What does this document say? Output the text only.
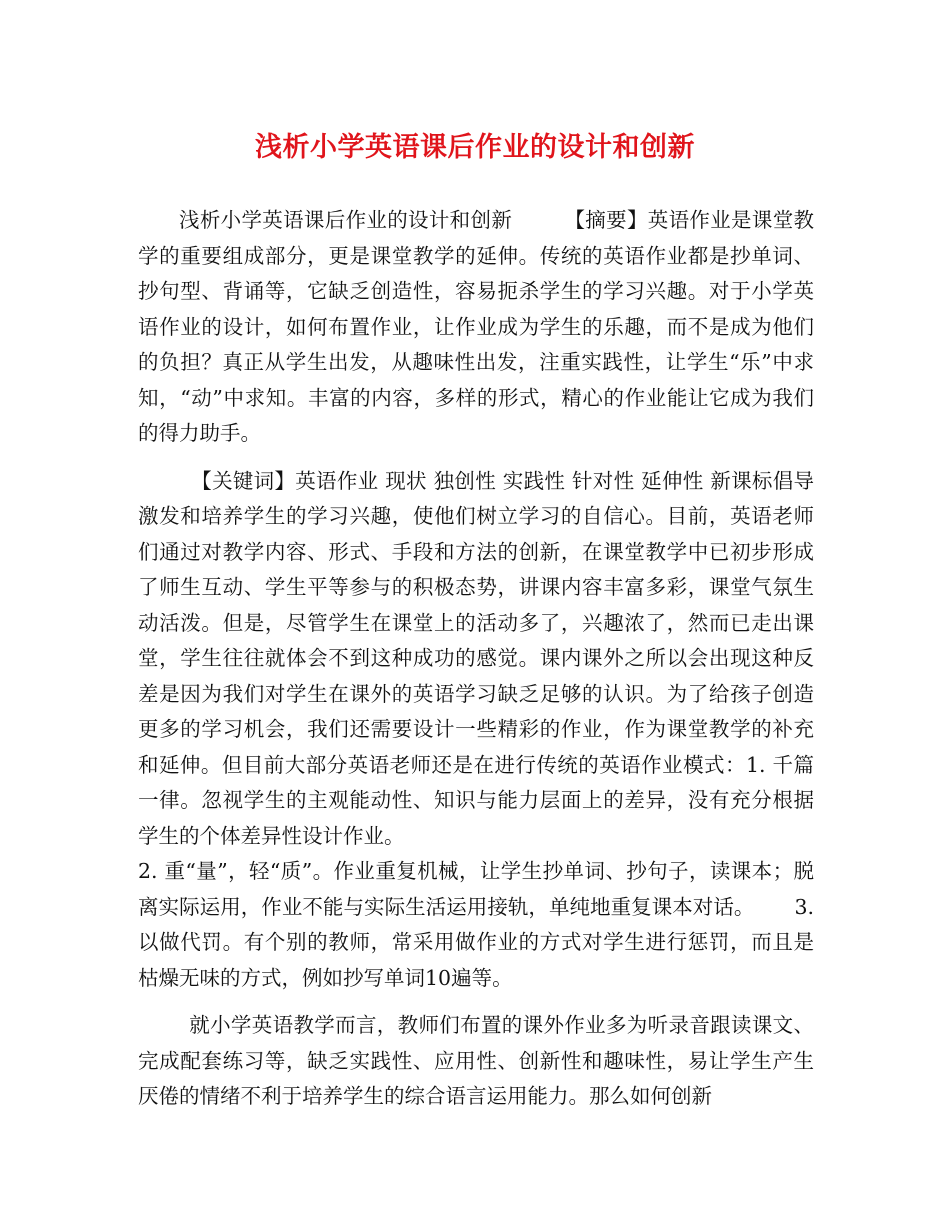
浅析小学英语课后作业的设计和创新

浅析小学英语课后作业的设计和创新	【摘要】英语作业是课堂教学的重要组成部分，更是课堂教学的延伸。传统的英语作业都是抄单词、抄句型、背诵等，它缺乏创造性，容易扼杀学生的学习兴趣。对于小学英语作业的设计，如何布置作业，让作业成为学生的乐趣，而不是成为他们的负担？真正从学生出发，从趣味性出发，注重实践性，让学生“乐”中求知，“动”中求知。丰富的内容，多样的形式，精心的作业能让它成为我们的得力助手。

【关键词】英语作业 现状 独创性 实践性 针对性 延伸性 新课标倡导激发和培养学生的学习兴趣，使他们树立学习的自信心。目前，英语老师们通过对教学内容、形式、手段和方法的创新，在课堂教学中已初步形成了师生互动、学生平等参与的积极态势，讲课内容丰富多彩，课堂气氛生动活泼。但是，尽管学生在课堂上的活动多了，兴趣浓了，然而已走出课堂，学生往往就体会不到这种成功的感觉。课内课外之所以会出现这种反差是因为我们对学生在课外的英语学习缺乏足够的认识。为了给孩子创造更多的学习机会，我们还需要设计一些精彩的作业，作为课堂教学的补充和延伸。但目前大部分英语老师还是在进行传统的英语作业模式：1. 千篇一律。忽视学生的主观能动性、知识与能力层面上的差异，没有充分根据学生的个体差异性设计作业。

2. 重“量”，轻“质”。作业重复机械，让学生抄单词、抄句子，读课本；脱离实际运用，作业不能与实际生活运用接轨，单纯地重复课本对话。 3. 以做代罚。有个别的教师，常采用做作业的方式对学生进行惩罚，而且是枯燥无味的方式，例如抄写单词10遍等。

就小学英语教学而言，教师们布置的课外作业多为听录音跟读课文、完成配套练习等，缺乏实践性、应用性、创新性和趣味性，易让学生产生厌倦的情绪不利于培养学生的综合语言运用能力。那么如何创新
